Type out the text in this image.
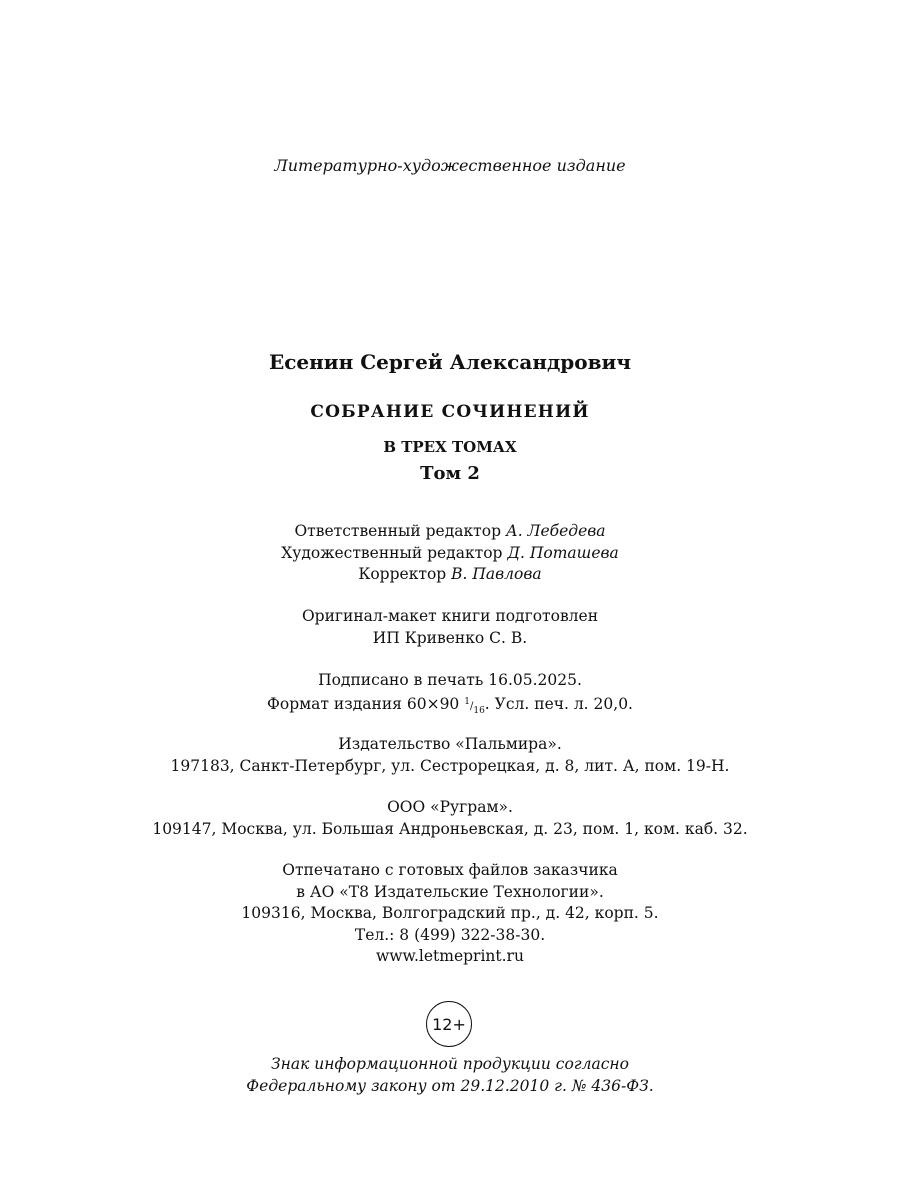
Литературно-художественное издание
Есенин Сергей Александрович
СОБРАНИЕ СОЧИНЕНИЙ
В ТРЕХ ТОМАХ
Том 2
Ответственный редактор А. Лебедева
Художественный редактор Д. Поташева
Корректор В. Павлова
Оригинал-макет книги подготовлен
ИП Кривенко С. В.
Подписано в печать 16.05.2025.
Формат издания 60×90 $^1/_{16}$. Усл. печ. л. 20,0.
Издательство «Пальмира».
197183, Санкт-Петербург, ул. Сестрорецкая, д. 8, лит. А, пом. 19-Н.
ООО «Руграм».
109147, Москва, ул. Большая Андроньевская, д. 23, пом. 1, ком. каб. 32.
Отпечатано с готовых файлов заказчика
в АО «Т8 Издательские Технологии».
109316, Москва, Волгоградский пр., д. 42, корп. 5.
Тел.: 8 (499) 322-38-30.
www.letmeprint.ru
12+
Знак информационной продукции согласно
Федеральному закону от 29.12.2010 г. № 436-ФЗ.
